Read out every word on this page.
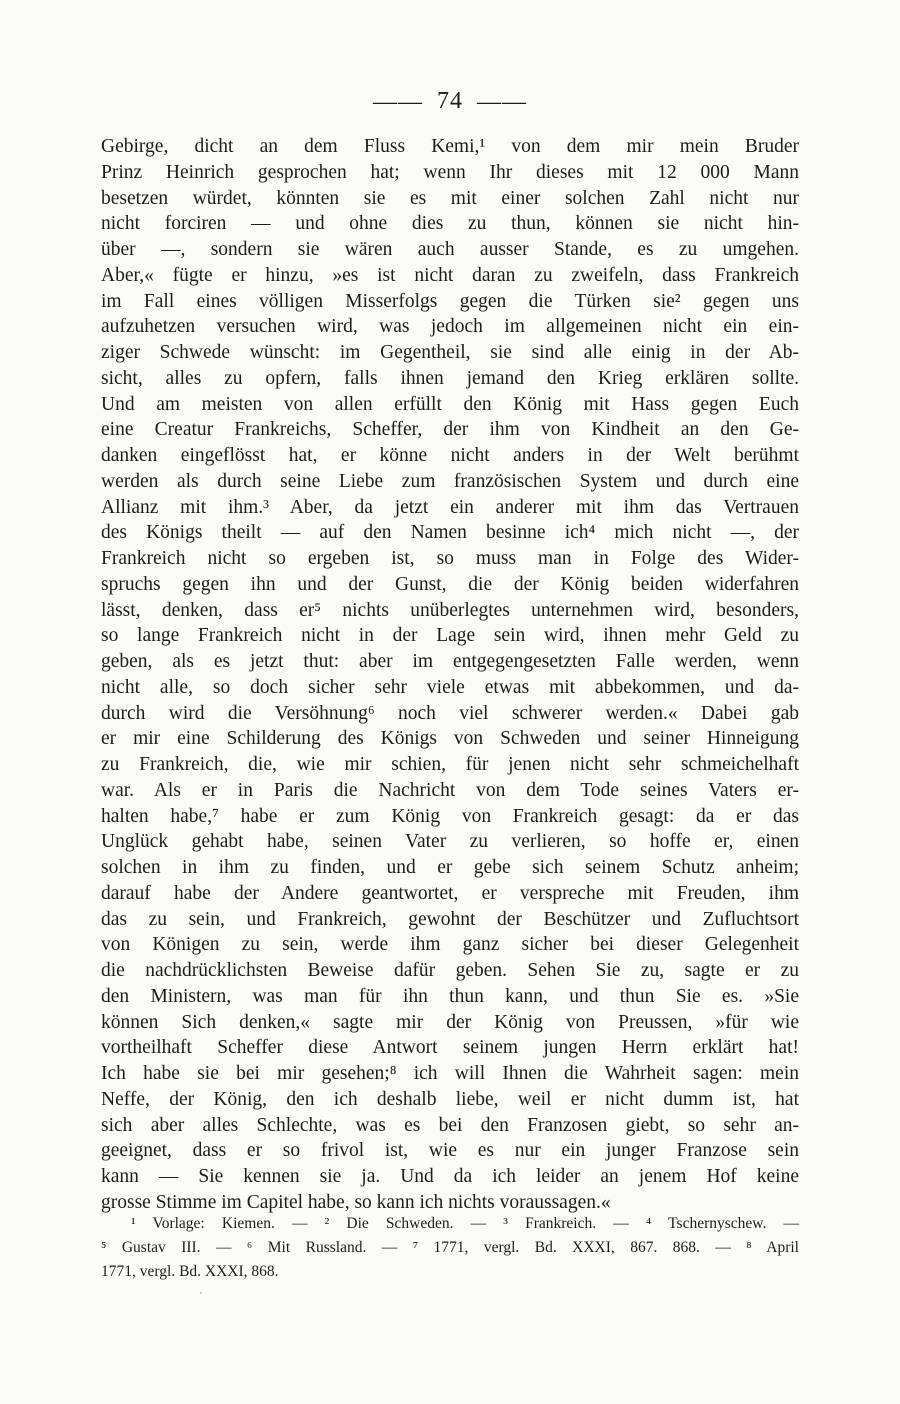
—— 74 ——
Gebirge, dicht an dem Fluss Kemi,¹ von dem mir mein Bruder
Prinz Heinrich gesprochen hat; wenn Ihr dieses mit 12 000 Mann
besetzen würdet, könnten sie es mit einer solchen Zahl nicht nur
nicht forciren — und ohne dies zu thun, können sie nicht hin-
über —, sondern sie wären auch ausser Stande, es zu umgehen.
Aber,« fügte er hinzu, »es ist nicht daran zu zweifeln, dass Frankreich
im Fall eines völligen Misserfolgs gegen die Türken sie² gegen uns
aufzuhetzen versuchen wird, was jedoch im allgemeinen nicht ein ein-
ziger Schwede wünscht: im Gegentheil, sie sind alle einig in der Ab-
sicht, alles zu opfern, falls ihnen jemand den Krieg erklären sollte.
Und am meisten von allen erfüllt den König mit Hass gegen Euch
eine Creatur Frankreichs, Scheffer, der ihm von Kindheit an den Ge-
danken eingeflösst hat, er könne nicht anders in der Welt berühmt
werden als durch seine Liebe zum französischen System und durch eine
Allianz mit ihm.³ Aber, da jetzt ein anderer mit ihm das Vertrauen
des Königs theilt — auf den Namen besinne ich⁴ mich nicht —, der
Frankreich nicht so ergeben ist, so muss man in Folge des Wider-
spruchs gegen ihn und der Gunst, die der König beiden widerfahren
lässt, denken, dass er⁵ nichts unüberlegtes unternehmen wird, besonders,
so lange Frankreich nicht in der Lage sein wird, ihnen mehr Geld zu
geben, als es jetzt thut: aber im entgegengesetzten Falle werden, wenn
nicht alle, so doch sicher sehr viele etwas mit abbekommen, und da-
durch wird die Versöhnung⁶ noch viel schwerer werden.« Dabei gab
er mir eine Schilderung des Königs von Schweden und seiner Hinneigung
zu Frankreich, die, wie mir schien, für jenen nicht sehr schmeichelhaft
war. Als er in Paris die Nachricht von dem Tode seines Vaters er-
halten habe,⁷ habe er zum König von Frankreich gesagt: da er das
Unglück gehabt habe, seinen Vater zu verlieren, so hoffe er, einen
solchen in ihm zu finden, und er gebe sich seinem Schutz anheim;
darauf habe der Andere geantwortet, er verspreche mit Freuden, ihm
das zu sein, und Frankreich, gewohnt der Beschützer und Zufluchtsort
von Königen zu sein, werde ihm ganz sicher bei dieser Gelegenheit
die nachdrücklichsten Beweise dafür geben. Sehen Sie zu, sagte er zu
den Ministern, was man für ihn thun kann, und thun Sie es. »Sie
können Sich denken,« sagte mir der König von Preussen, »für wie
vortheilhaft Scheffer diese Antwort seinem jungen Herrn erklärt hat!
Ich habe sie bei mir gesehen;⁸ ich will Ihnen die Wahrheit sagen: mein
Neffe, der König, den ich deshalb liebe, weil er nicht dumm ist, hat
sich aber alles Schlechte, was es bei den Franzosen giebt, so sehr an-
geeignet, dass er so frivol ist, wie es nur ein junger Franzose sein
kann — Sie kennen sie ja. Und da ich leider an jenem Hof keine
grosse Stimme im Capitel habe, so kann ich nichts voraussagen.«
¹ Vorlage: Kiemen. — ² Die Schweden. — ³ Frankreich. — ⁴ Tschernyschew. —
⁵ Gustav III. — ⁶ Mit Russland. — ⁷ 1771, vergl. Bd. XXXI, 867. 868. — ⁸ April
1771, vergl. Bd. XXXI, 868.
